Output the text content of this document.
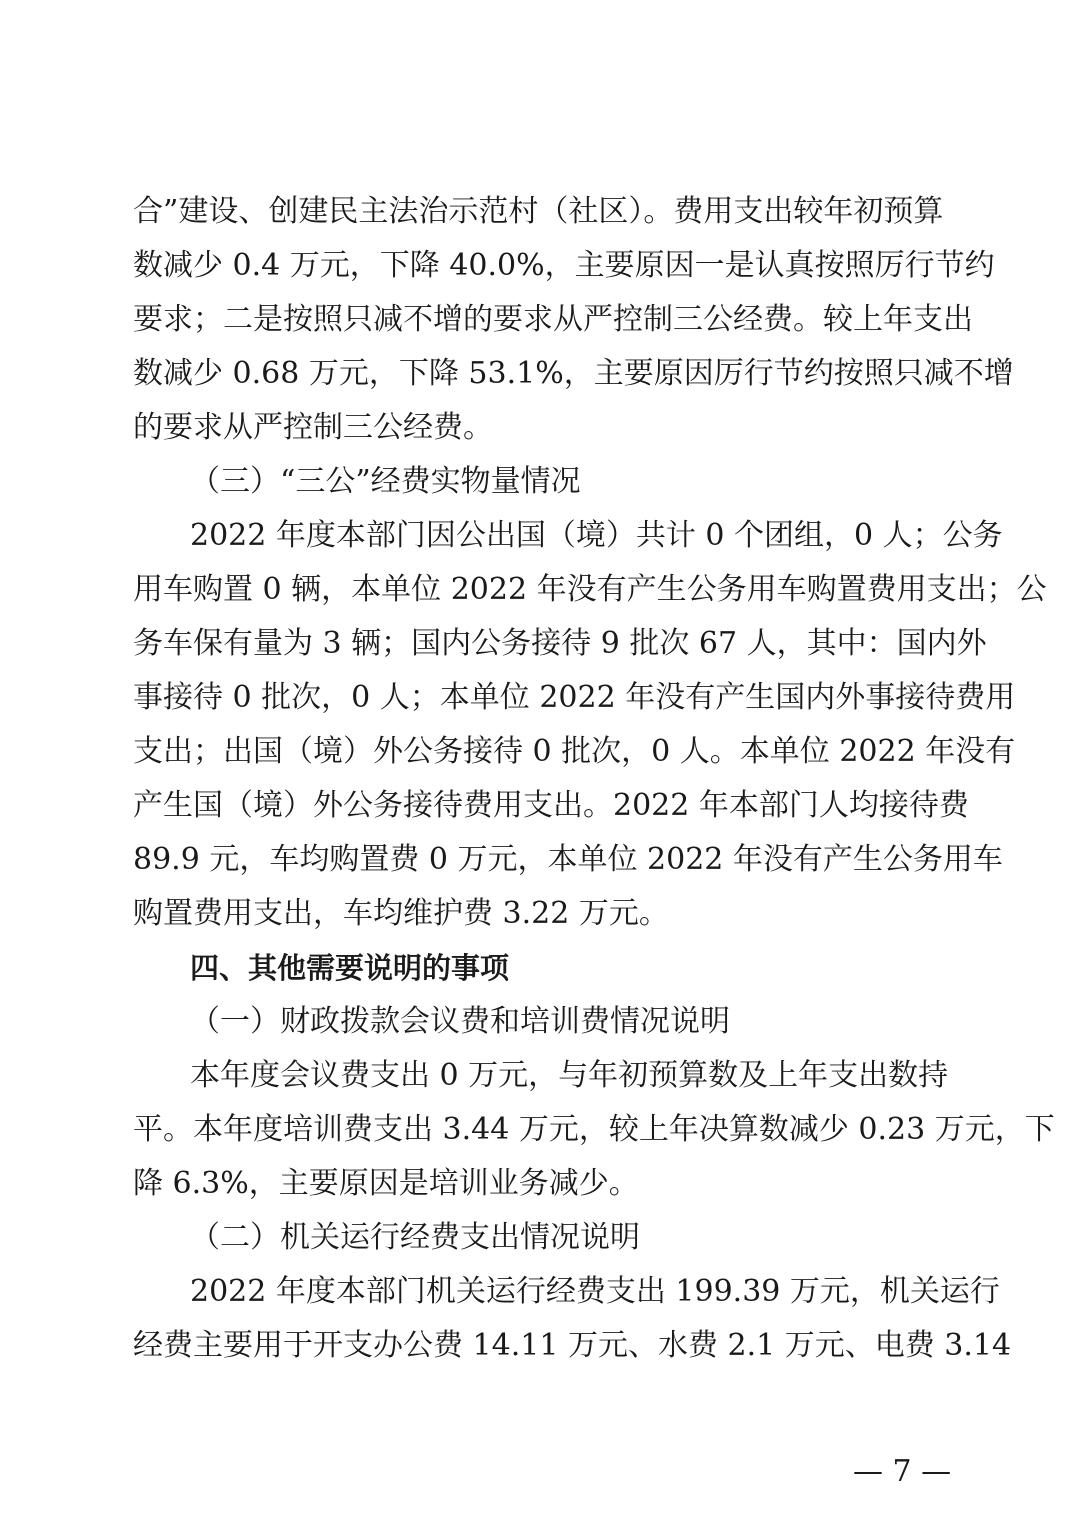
合”建设、创建民主法治示范村（社区）。费用支出较年初预算
数减少 0.4 万元，下降 40.0%，主要原因一是认真按照厉行节约
要求；二是按照只减不增的要求从严控制三公经费。较上年支出
数减少 0.68 万元，下降 53.1%，主要原因厉行节约按照只减不增
的要求从严控制三公经费。
（三）“三公”经费实物量情况
2022 年度本部门因公出国（境）共计 0 个团组，0 人；公务
用车购置 0 辆，本单位 2022 年没有产生公务用车购置费用支出；公
务车保有量为 3 辆；国内公务接待 9 批次 67 人，其中：国内外
事接待 0 批次，0 人；本单位 2022 年没有产生国内外事接待费用
支出；出国（境）外公务接待 0 批次，0 人。本单位 2022 年没有
产生国（境）外公务接待费用支出。2022 年本部门人均接待费
89.9 元，车均购置费 0 万元，本单位 2022 年没有产生公务用车
购置费用支出，车均维护费 3.22 万元。
四、其他需要说明的事项
（一）财政拨款会议费和培训费情况说明
本年度会议费支出 0 万元，与年初预算数及上年支出数持
平。本年度培训费支出 3.44 万元，较上年决算数减少 0.23 万元，下
降 6.3%，主要原因是培训业务减少。
（二）机关运行经费支出情况说明
2022 年度本部门机关运行经费支出 199.39 万元，机关运行
经费主要用于开支办公费 14.11 万元、水费 2.1 万元、电费 3.14
— 7 —
